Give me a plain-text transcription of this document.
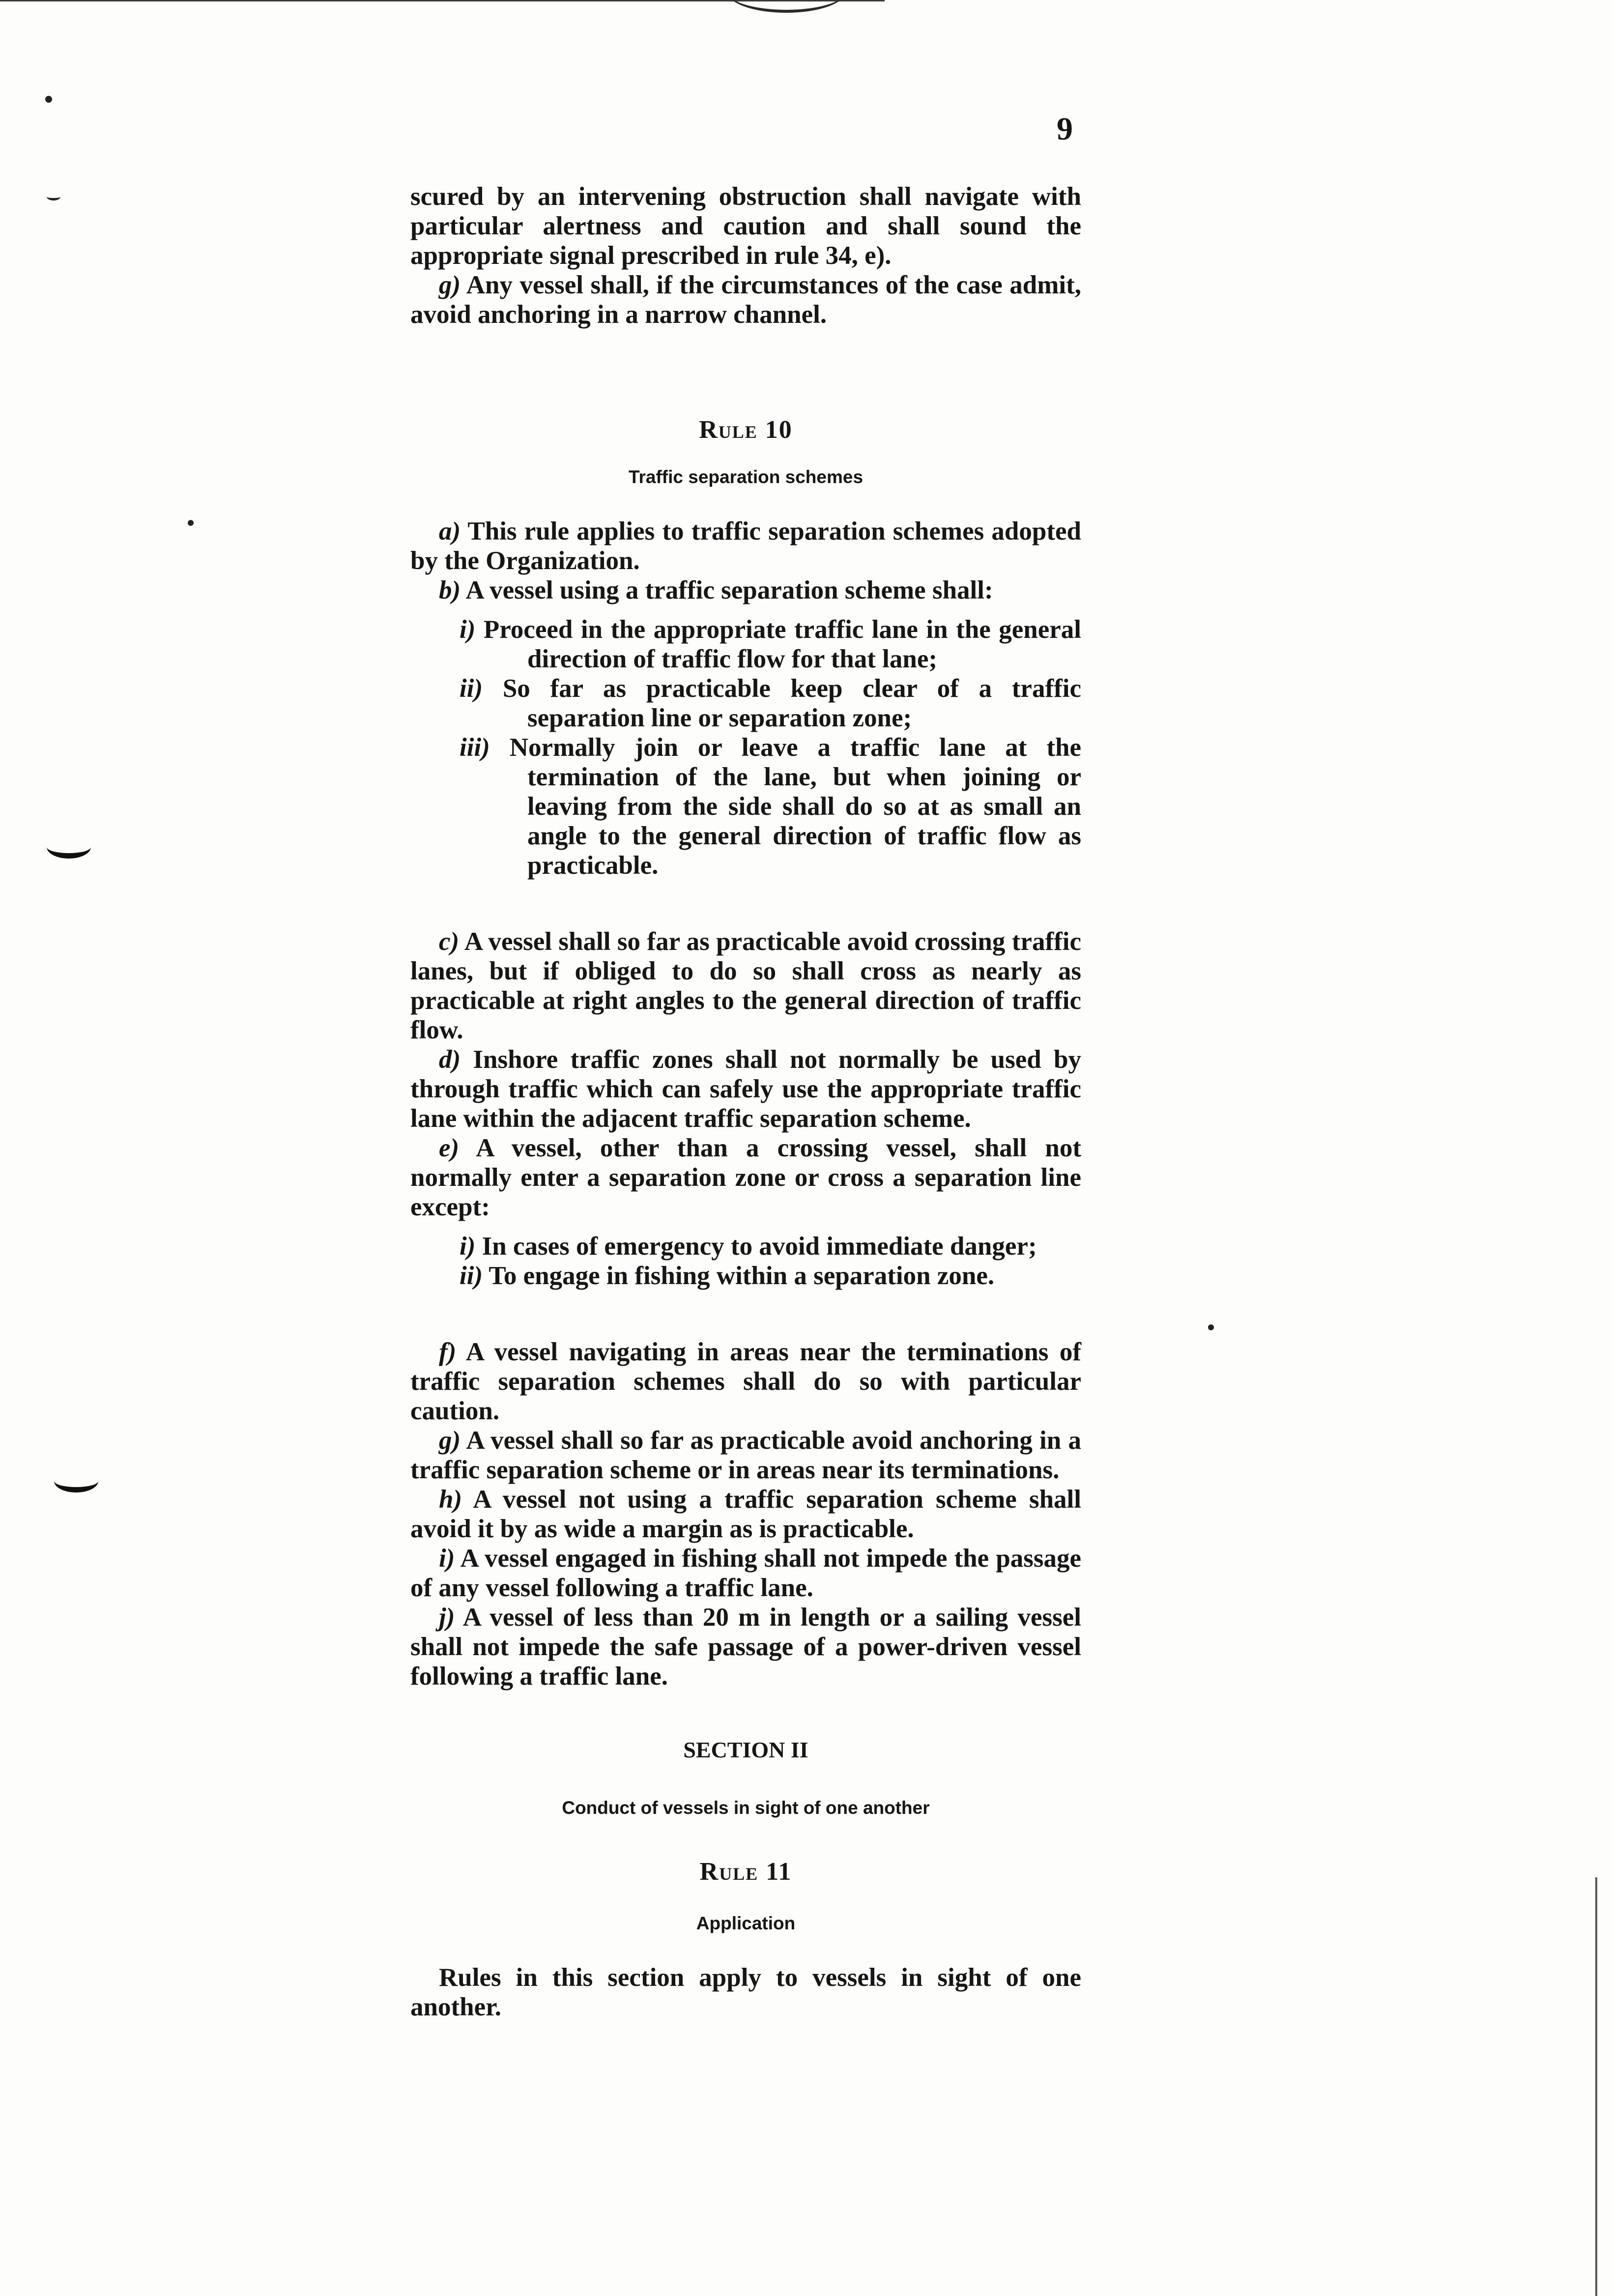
9

scured by an intervening obstruction shall navigate with particular alertness and caution and shall sound the appropriate signal prescribed in rule 34, e).

g) Any vessel shall, if the circumstances of the case admit, avoid anchoring in a narrow channel.

Rule 10
Traffic separation schemes

a) This rule applies to traffic separation schemes adopted by the Organization.

b) A vessel using a traffic separation scheme shall:

i) Proceed in the appropriate traffic lane in the general direction of traffic flow for that lane;
ii) So far as practicable keep clear of a traffic separation line or separation zone;
iii) Normally join or leave a traffic lane at the termination of the lane, but when joining or leaving from the side shall do so at as small an angle to the general direction of traffic flow as practicable.

c) A vessel shall so far as practicable avoid crossing traffic lanes, but if obliged to do so shall cross as nearly as practicable at right angles to the general direction of traffic flow.

d) Inshore traffic zones shall not normally be used by through traffic which can safely use the appropriate traffic lane within the adjacent traffic separation scheme.

e) A vessel, other than a crossing vessel, shall not normally enter a separation zone or cross a separation line except:

i) In cases of emergency to avoid immediate danger;
ii) To engage in fishing within a separation zone.

f) A vessel navigating in areas near the terminations of traffic separation schemes shall do so with particular caution.

g) A vessel shall so far as practicable avoid anchoring in a traffic separation scheme or in areas near its terminations.

h) A vessel not using a traffic separation scheme shall avoid it by as wide a margin as is practicable.

i) A vessel engaged in fishing shall not impede the passage of any vessel following a traffic lane.

j) A vessel of less than 20 m in length or a sailing vessel shall not impede the safe passage of a power-driven vessel following a traffic lane.

SECTION II
Conduct of vessels in sight of one another
Rule 11
Application

Rules in this section apply to vessels in sight of one another.
